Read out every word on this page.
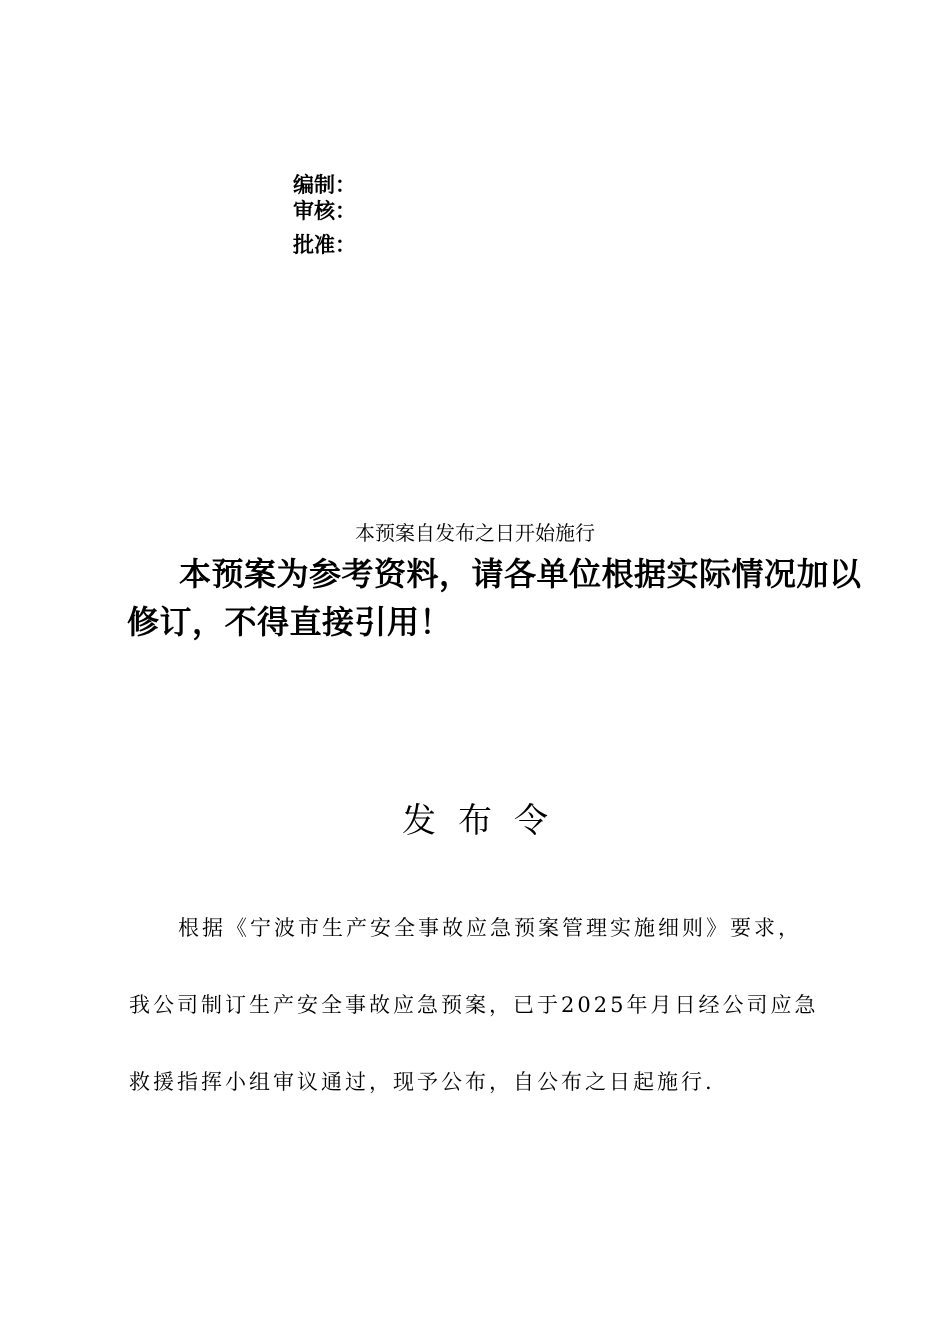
编制：
审核：
批准：
本预案自发布之日开始施行
本预案为参考资料，请各单位根据实际情况加以修订，不得直接引用！
发布令
根据《宁波市生产安全事故应急预案管理实施细则》要求，
我公司制订生产安全事故应急预案，已于2025年月日经公司应急
救援指挥小组审议通过，现予公布，自公布之日起施行.
